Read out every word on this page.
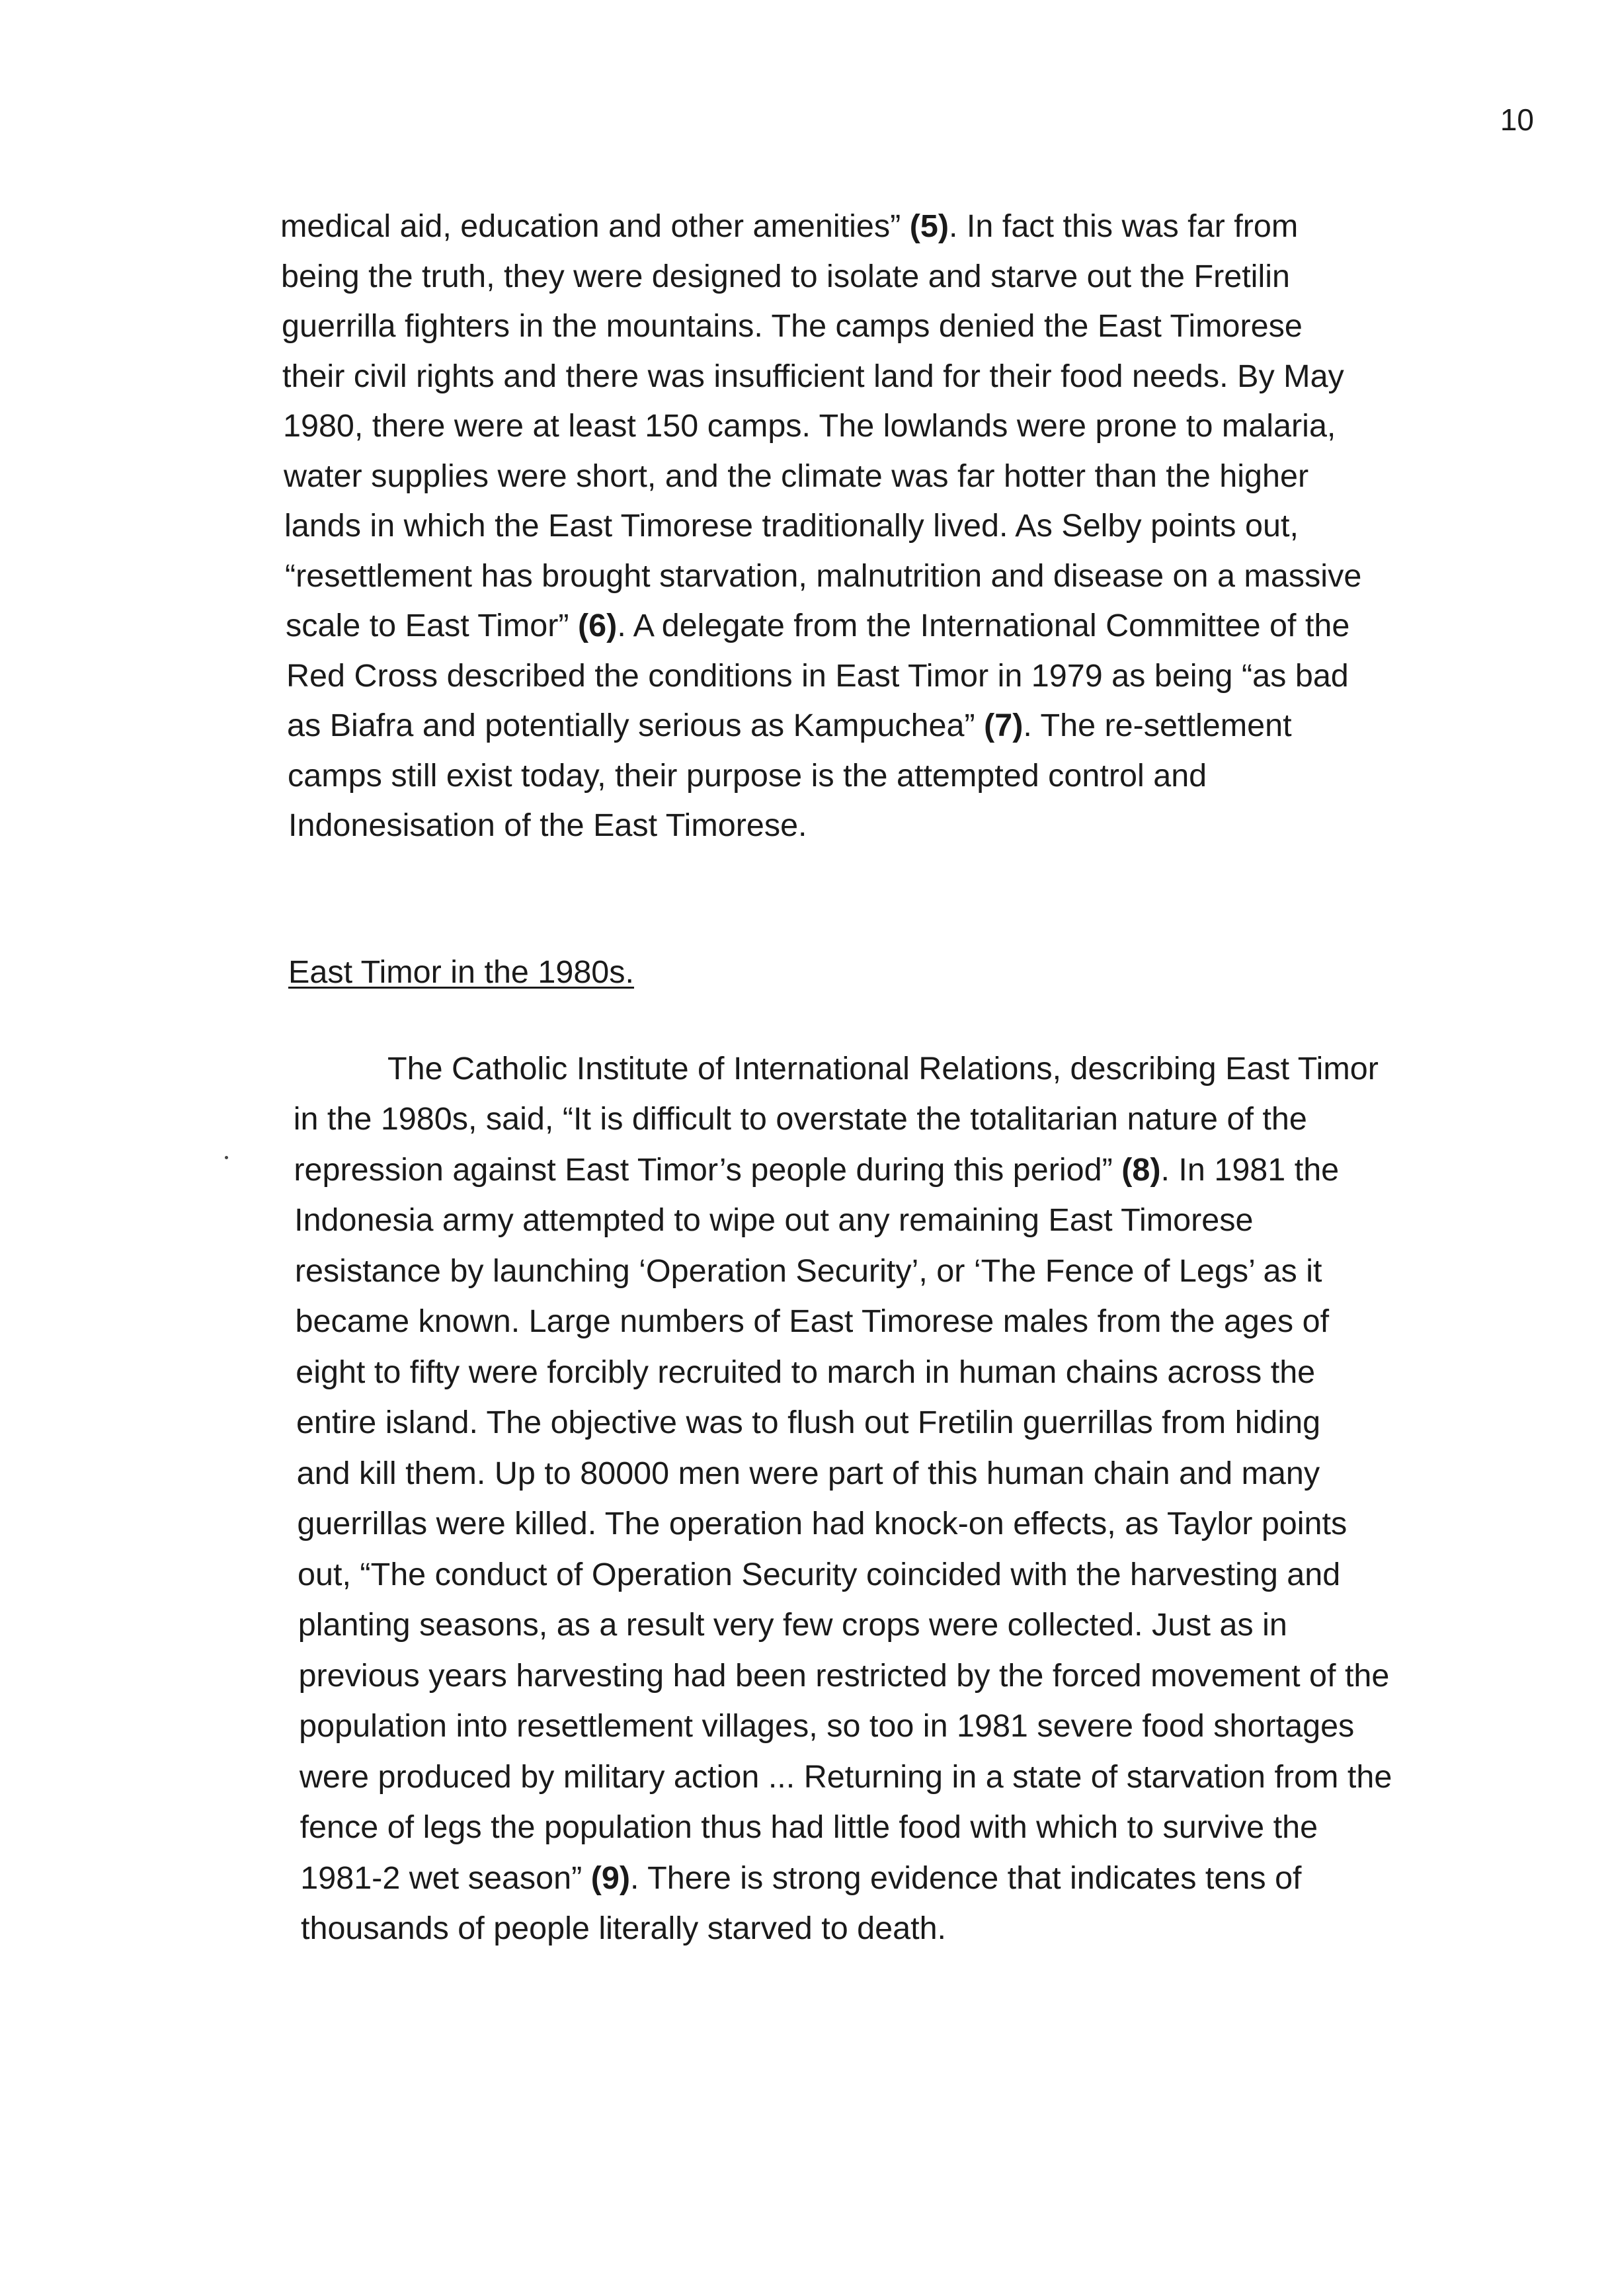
10
medical aid, education and other amenities” (5). In fact this was far from
being the truth, they were designed to isolate and starve out the Fretilin
guerrilla fighters in the mountains. The camps denied the East Timorese
their civil rights and there was insufficient land for their food needs. By May
1980, there were at least 150 camps. The lowlands were prone to malaria,
water supplies were short, and the climate was far hotter than the higher
lands in which the East Timorese traditionally lived. As Selby points out,
“resettlement has brought starvation, malnutrition and disease on a massive
scale to East Timor” (6). A delegate from the International Committee of the
Red Cross described the conditions in East Timor in 1979 as being “as bad
as Biafra and potentially serious as Kampuchea” (7). The re-settlement
camps still exist today, their purpose is the attempted control and
Indonesisation of the East Timorese.
East Timor in the 1980s.
The Catholic Institute of International Relations, describing East Timor
in the 1980s, said, “It is difficult to overstate the totalitarian nature of the
repression against East Timor’s people during this period” (8). In 1981 the
Indonesia army attempted to wipe out any remaining East Timorese
resistance by launching ‘Operation Security’, or ‘The Fence of Legs’ as it
became known. Large numbers of East Timorese males from the ages of
eight to fifty were forcibly recruited to march in human chains across the
entire island. The objective was to flush out Fretilin guerrillas from hiding
and kill them. Up to 80000 men were part of this human chain and many
guerrillas were killed. The operation had knock-on effects, as Taylor points
out, “The conduct of Operation Security coincided with the harvesting and
planting seasons, as a result very few crops were collected. Just as in
previous years harvesting had been restricted by the forced movement of the
population into resettlement villages, so too in 1981 severe food shortages
were produced by military action ... Returning in a state of starvation from the
fence of legs the population thus had little food with which to survive the
1981-2 wet season” (9). There is strong evidence that indicates tens of
thousands of people literally starved to death.
